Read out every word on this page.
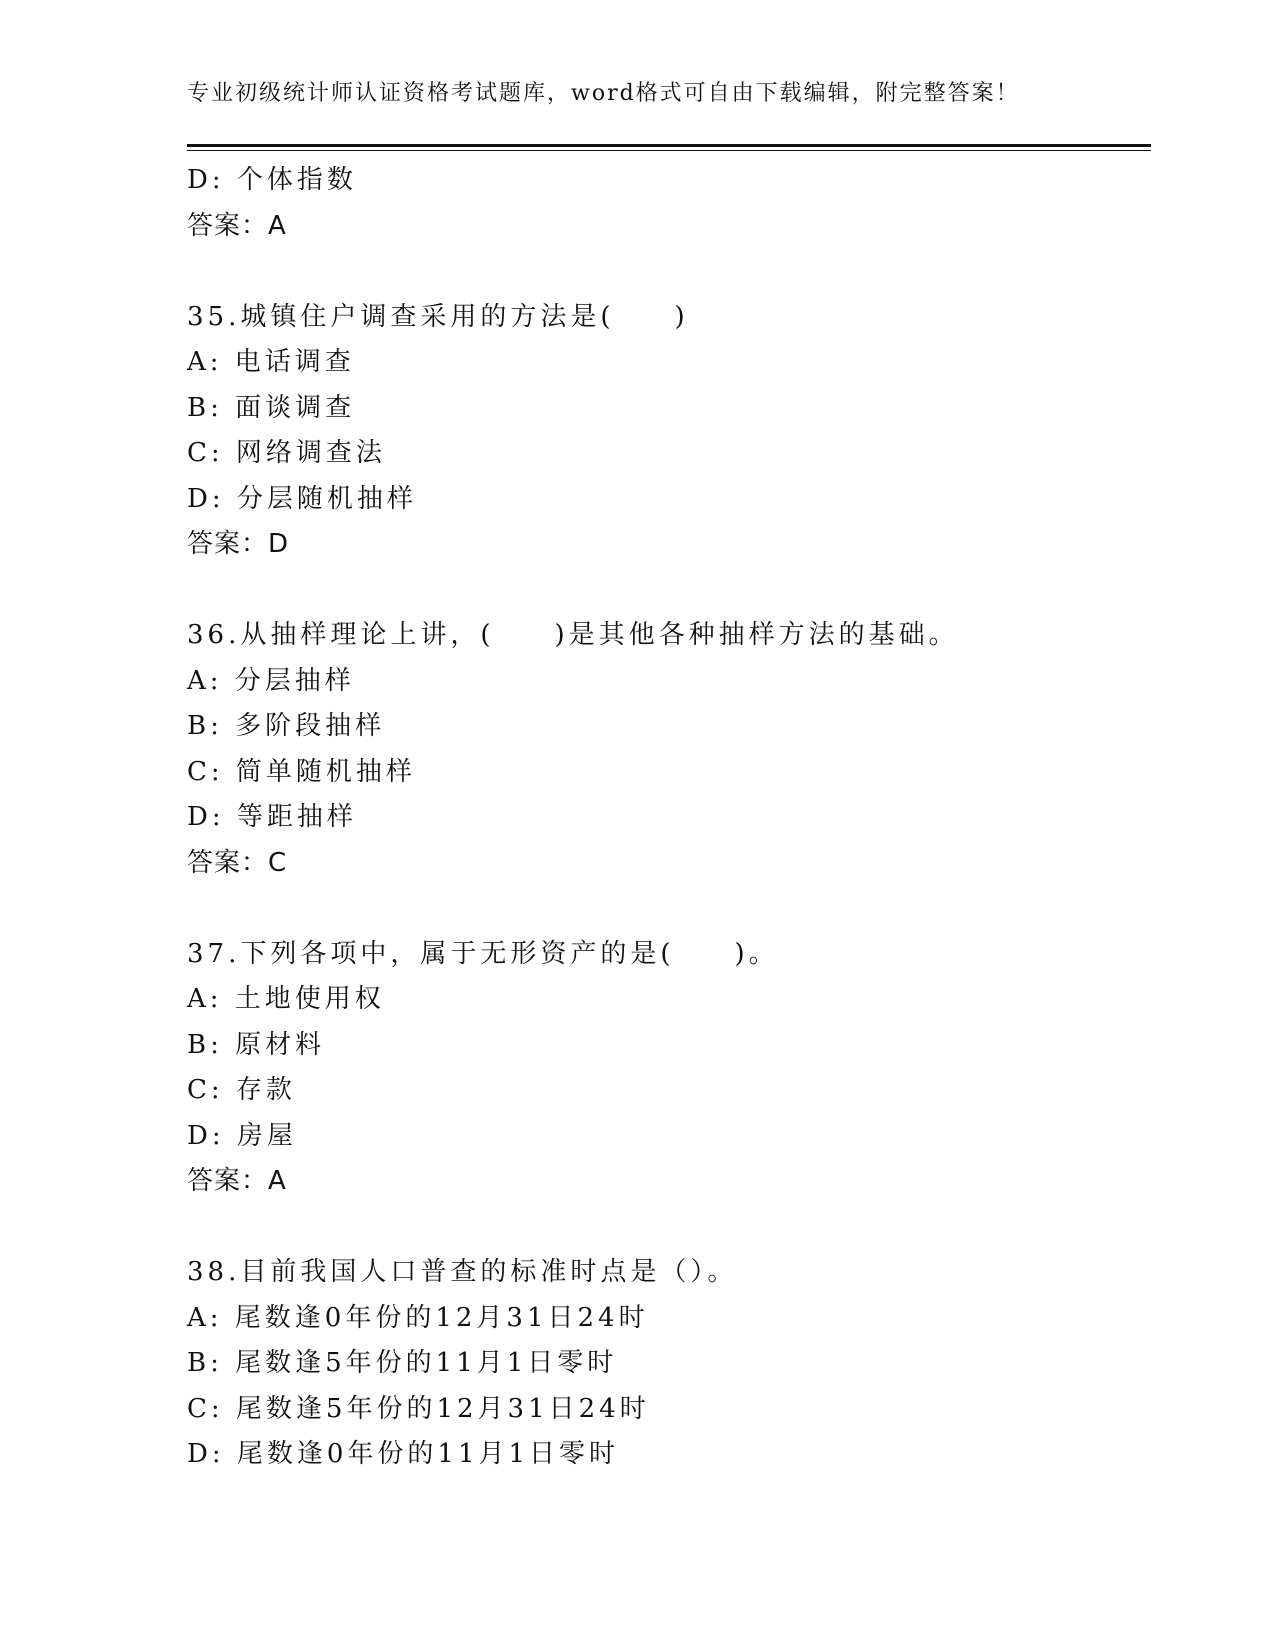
专业初级统计师认证资格考试题库，word格式可自由下载编辑，附完整答案！
D: 个体指数
答案：A
35.城镇住户调查采用的方法是(　　)
A: 电话调查
B: 面谈调查
C: 网络调查法
D: 分层随机抽样
答案：D
36.从抽样理论上讲，(　　)是其他各种抽样方法的基础。
A: 分层抽样
B: 多阶段抽样
C: 简单随机抽样
D: 等距抽样
答案：C
37.下列各项中，属于无形资产的是(　　)。
A: 土地使用权
B: 原材料
C: 存款
D: 房屋
答案：A
38.目前我国人口普查的标准时点是（）。
A: 尾数逢0年份的12月31日24时
B: 尾数逢5年份的11月1日零时
C: 尾数逢5年份的12月31日24时
D: 尾数逢0年份的11月1日零时
